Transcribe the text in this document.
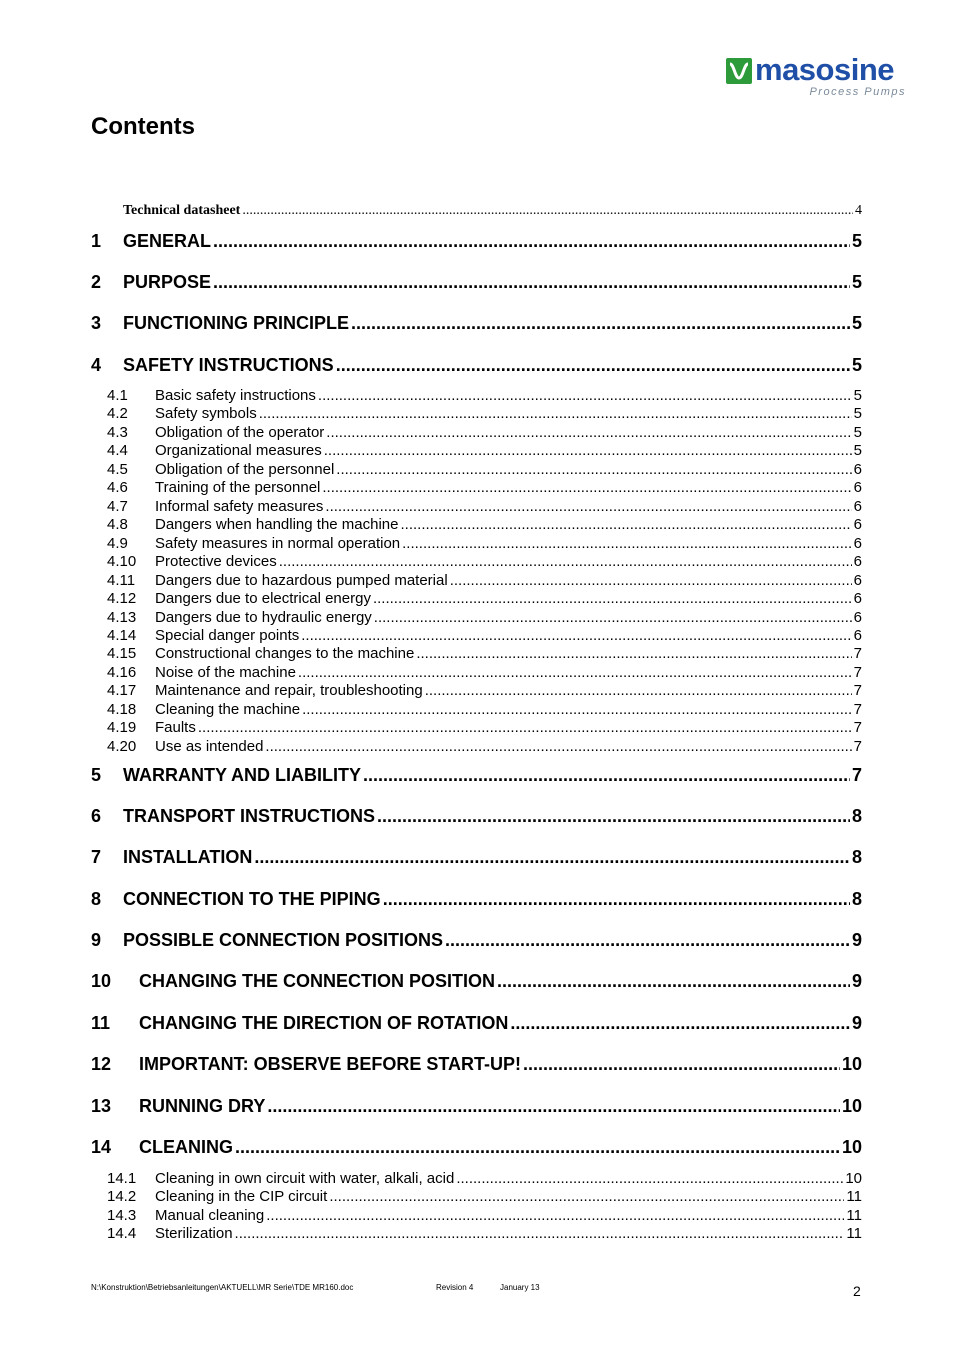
masosine
Process Pumps
Contents
Technical datasheet .....	4
1	GENERAL .....	5
2	PURPOSE .....	5
3	FUNCTIONING PRINCIPLE .....	5
4	SAFETY INSTRUCTIONS .....	5
4.1	Basic safety instructions .....	5
4.2	Safety symbols .....	5
4.3	Obligation of the operator .....	5
4.4	Organizational measures .....	5
4.5	Obligation of the personnel .....	6
4.6	Training of the personnel .....	6
4.7	Informal safety measures .....	6
4.8	Dangers when handling the machine .....	6
4.9	Safety measures in normal operation .....	6
4.10	Protective devices .....	6
4.11	Dangers due to hazardous pumped material .....	6
4.12	Dangers due to electrical energy .....	6
4.13	Dangers due to hydraulic energy .....	6
4.14	Special danger points .....	6
4.15	Constructional changes to the machine .....	7
4.16	Noise of the machine .....	7
4.17	Maintenance and repair, troubleshooting .....	7
4.18	Cleaning the machine .....	7
4.19	Faults .....	7
4.20	Use as intended .....	7
5	WARRANTY AND LIABILITY .....	7
6	TRANSPORT INSTRUCTIONS .....	8
7	INSTALLATION .....	8
8	CONNECTION TO THE PIPING .....	8
9	POSSIBLE CONNECTION POSITIONS .....	9
10	CHANGING THE CONNECTION POSITION .....	9
11	CHANGING THE DIRECTION OF ROTATION .....	9
12	IMPORTANT: OBSERVE BEFORE START-UP! .....	10
13	RUNNING DRY .....	10
14	CLEANING .....	10
14.1	Cleaning in own circuit with water, alkali, acid .....	10
14.2	Cleaning in the CIP circuit .....	11
14.3	Manual cleaning .....	11
14.4	Sterilization .....	11
N:\Konstruktion\Betriebsanleitungen\AKTUELL\MR Serie\TDE MR160.doc	Revision 4	January 13	2
